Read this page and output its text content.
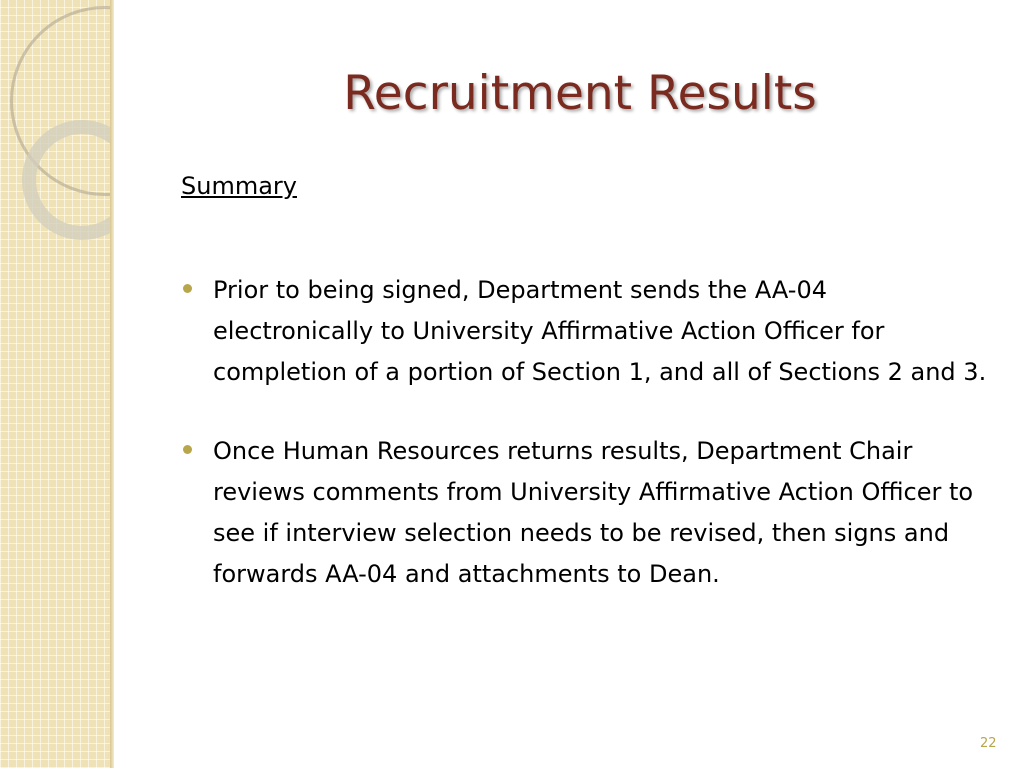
Recruitment Results
Summary
Prior to being signed, Department sends the AA-04 electronically to University Affirmative Action Officer for completion of a portion of Section 1, and all of Sections 2 and 3.
Once Human Resources returns results, Department Chair reviews comments from University Affirmative Action Officer to see if interview selection needs to be revised, then signs and forwards AA-04 and attachments to Dean.
22
